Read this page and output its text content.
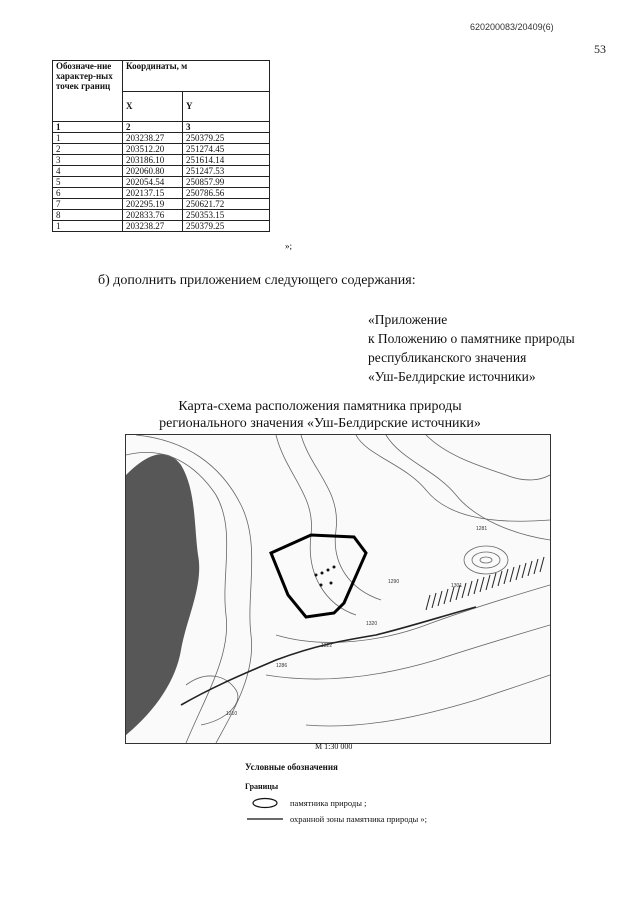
620200083/20409(6)
53
Обозначе-ние характер-ных точек границ	Координаты, м	
	X	Y
1	2	3
1	203238.27	250379.25
2	203512.20	251274.45
3	203186.10	251614.14
4	202060.80	251247.53
5	202054.54	250857.99
6	202137.15	250786.56
7	202295.19	250621.72
8	202833.76	250353.15
1	203238.27	250379.25
»;
б) дополнить приложением следующего содержания:
«Приложение
к Положению о памятнике природы
республиканского значения
«Уш-Белдирские источники»
Карта-схема расположения памятника природы
регионального значения «Уш-Белдирские источники»
1290
1301
1281
1322
1286
1320
1210
М 1:30 000
Условные обозначения
Границы
памятника природы ;
охранной зоны памятника природы »;
